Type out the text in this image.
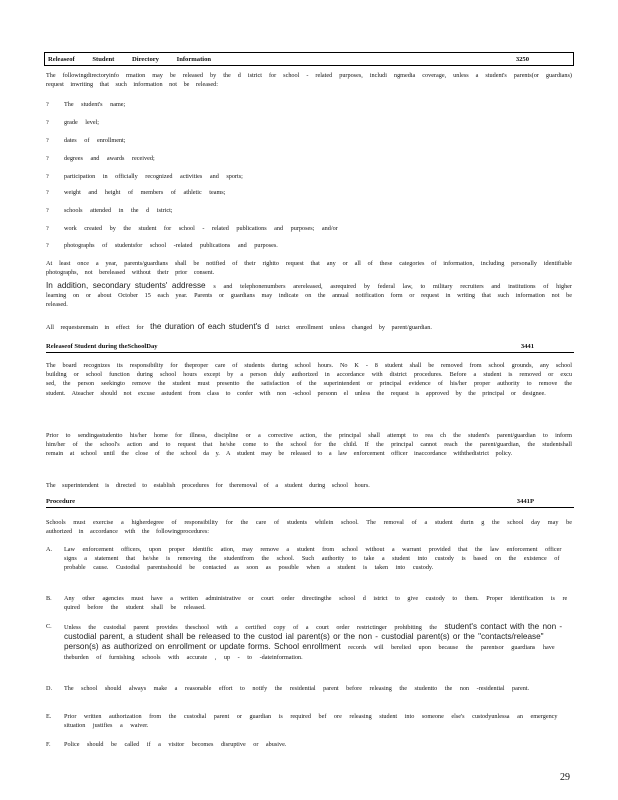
Releaseof Student Directory Information	3250
The followingdirectoryinfo rmation may be released by the d istrict for school - related purposes, includi ngmedia coverage, unless a student's parents(or guardians) request inwriting that such information not be released:
? The student's name;
? grade level;
? dates of enrollment;
? degrees and awards received;
? participation in officially recognized activities and sports;
? weight and height of members of athletic teams;
? schools attended in the d istrict;
? work created by the student for school - related publications and purposes; and/or
? photographs of studentsfor school -related publications and purposes.
At least once a year, parents/guardians shall be notified of their rightto request that any or all of these categories of information, including personally identifiable photographs, not bereleased without their prior consent.
In addition, secondary students' addresse s and telephonenumbers arereleased, asrequired by federal law, to military recruiters and institutions of higher learning on or about October 15 each year. Parents or guardians may indicate on the annual notification form or request in writing that such information not be released.
All requestsremain in effect for the duration of each student's d istrict enrollment unless changed by parent/guardian.
Releaseof Student during theSchoolDay	3441
The board recognizes its responsibility for theproper care of students during school hours. No K - 8 student shall be removed from school grounds, any school building or school function during school hours except by a person duly authorized in accordance with district procedures. Before a student is removed or excu sed, the person seekingto remove the student must presentto the satisfaction of the superintendent or principal evidence of his/her proper authority to remove the student. Ateacher should not excuse astudent from class to confer with non -school personn el unless the request is approved by the principal or designee.
Prior to sendingastudentto his/her home for illness, discipline or a corrective action, the principal shall attempt to rea ch the student's parent/guardian to inform him/her of the school's action and to request that he/she come to the school for the child. If the principal cannot reach the parent/guardian, the studentshall remain at school until the close of the school da y. A student may be released to a law enforcement officer inaccordance withthedistrict policy.
The superintendent is directed to establish procedures for theremoval of a student during school hours.
Procedure	3441P
Schools must exercise a higherdegree of responsibility for the care of students whilein school. The removal of a student durin g the school day may be authorized in accordance with the followingprocedures:
A. Law enforcement officers, upon proper identific ation, may remove a student from school without a warrant provided that the law enforcement officer signs a statement that he/she is removing the studentfrom the school. Such authority to take a student into custody is based on the existence of probable cause. Custodial parentsshould be contacted as soon as possible when a student is taken into custody.
B. Any other agencies must have a written administrative or court order directingthe school d istrict to give custody to them. Proper identification is re quired before the student shall be released.
C. Unless the custodial parent provides theschool with a certified copy of a court order restrictinger prohibiting the student's contact with the non -custodial parent, a student shall be released to the custod ial parent(s) or the non - custodial parent(s) or the "contacts/release" person(s) as authorized on enrollment or update forms. School enrollment records will berelied upon because the parentsor guardians have theburden of furnishing schools with accurate , up - to -dateinformation.
D. The school should always make a reasonable effort to notify the residential parent before releasing the studentto the non -residential parent.
E. Prior written authorization from the custodial parent or guardian is required bef ore releasing student into someone else's custodyunlessa an emergency situation justifies a waiver.
F. Police should be called if a visitor becomes disruptive or abusive.
29
